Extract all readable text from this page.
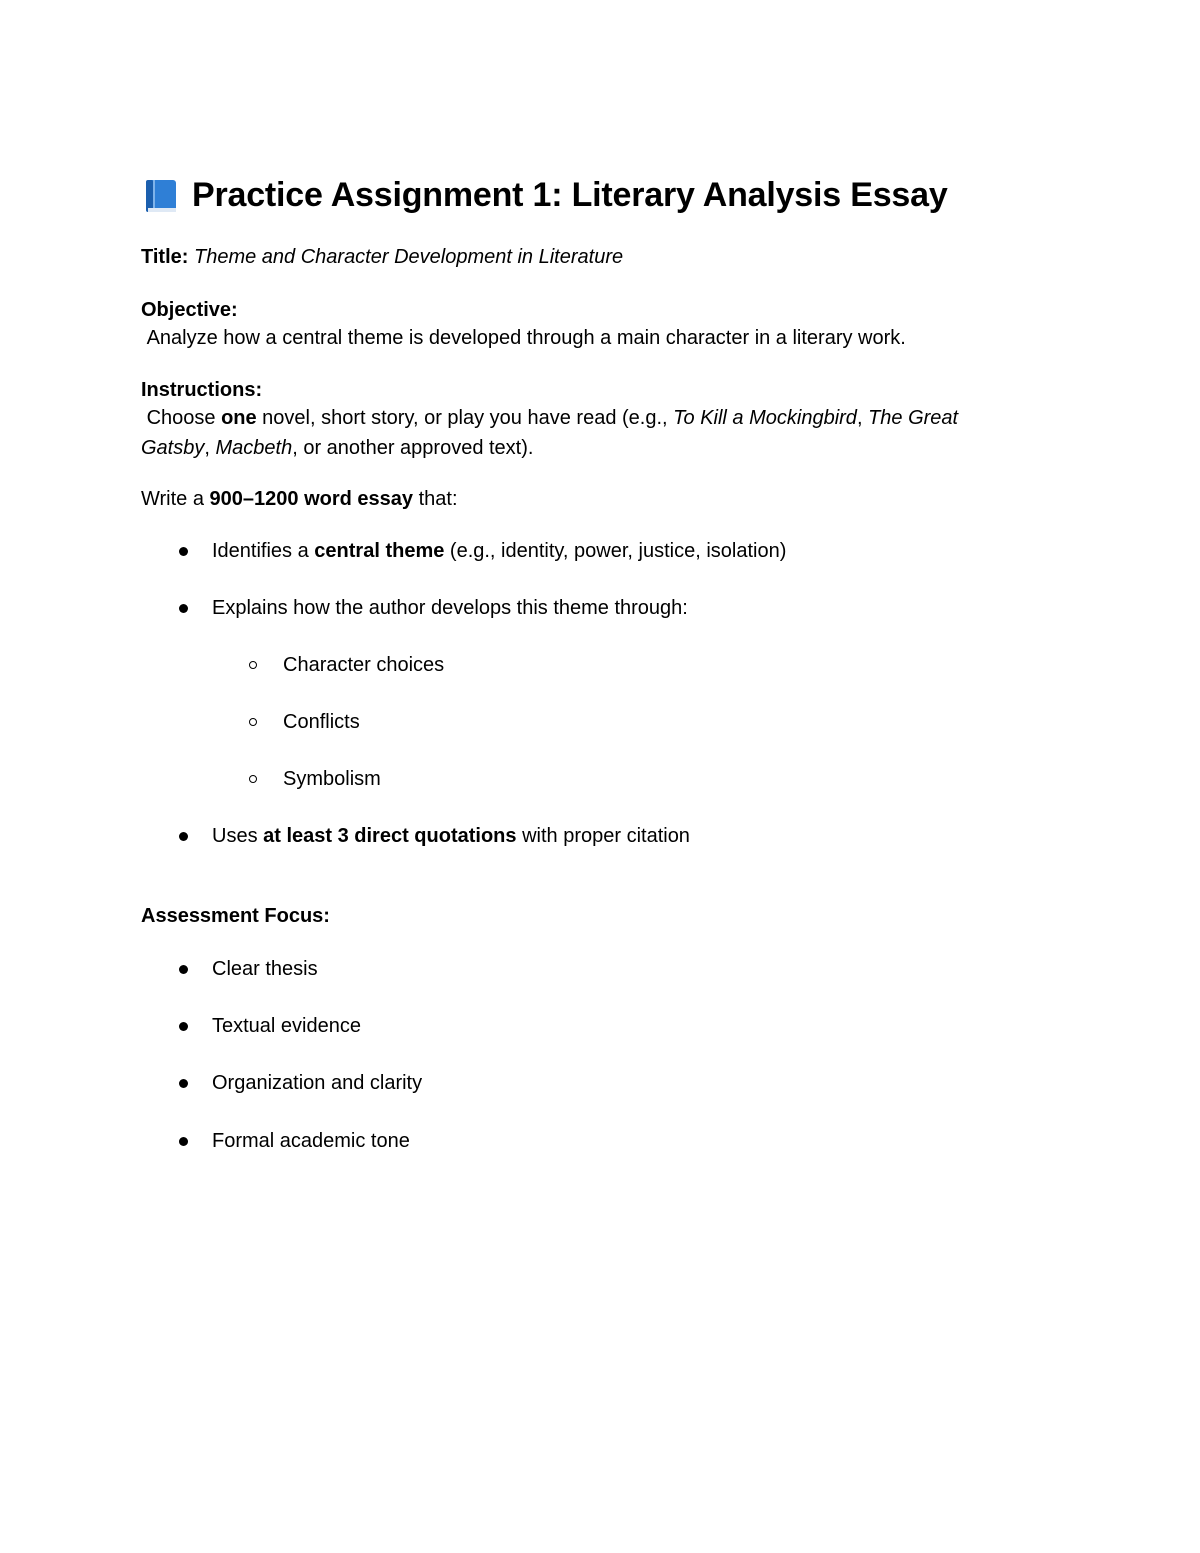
Practice Assignment 1: Literary Analysis Essay
Title: Theme and Character Development in Literature
Objective:
Analyze how a central theme is developed through a main character in a literary work.
Instructions:
Choose one novel, short story, or play you have read (e.g., To Kill a Mockingbird, The Great Gatsby, Macbeth, or another approved text).
Write a 900–1200 word essay that:
Identifies a central theme (e.g., identity, power, justice, isolation)
Explains how the author develops this theme through:
Character choices
Conflicts
Symbolism
Uses at least 3 direct quotations with proper citation
Assessment Focus:
Clear thesis
Textual evidence
Organization and clarity
Formal academic tone
